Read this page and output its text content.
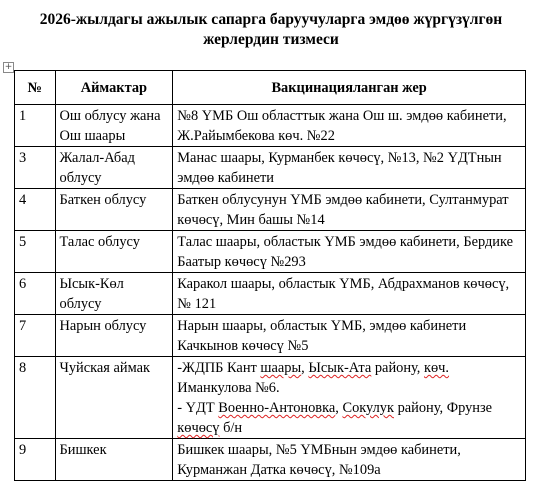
2026-жылдагы ажылык сапарга баруучуларга эмдөө жүргүзүлгөн
жерлердин тизмеси
+
№	Аймактар	Вакцинацияланган жер
1	Ош облусу жана Ош шаары	№8 ҮМБ Ош областтык жана Ош ш. эмдөө кабинети, Ж.Райымбекова көч. №22
3	Жалал-Абад облусу	Манас шаары, Курманбек көчөсү, №13, №2 ҮДТнын эмдөө кабинети
4	Баткен облусу	Баткен облусунун ҮМБ эмдөө кабинети, Султанмурат көчөсү, Мин башы №14
5	Талас облусу	Талас шаары, областык ҮМБ эмдөө кабинети, Бердике Баатыр көчөсү №293
6	Ысык-Көл облусу	Каракол шаары, областык ҮМБ, Абдрахманов көчөсү, № 121
7	Нарын облусу	Нарын шаары, областык ҮМБ, эмдөө кабинети Качкынов көчөсү №5
8	Чуйская аймак	-ЖДПБ Кант шаары, Ысык-Ата району, көч. Иманкулова №6.
- ҮДТ Военно-Антоновка, Сокулук району, Фрунзе көчөсү б/н

9	Бишкек	Бишкек шаары, №5 ҮМБнын эмдөө кабинети, Курманжан Датка көчөсү, №109а
